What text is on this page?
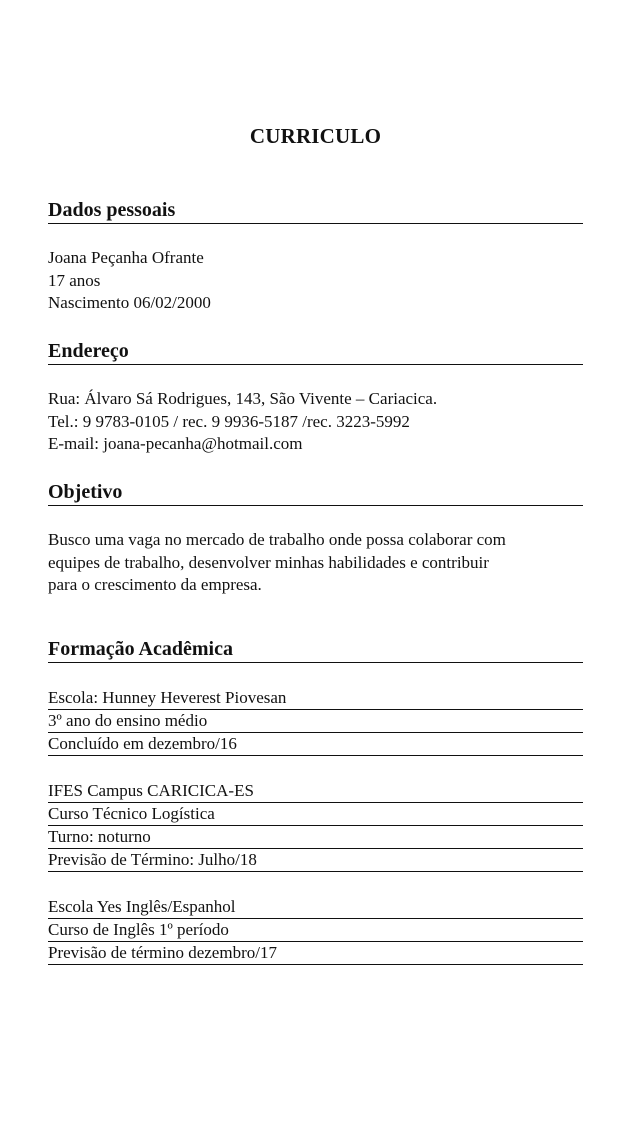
CURRICULO
Dados pessoais
Joana Peçanha Ofrante
17 anos
Nascimento 06/02/2000
Endereço
Rua: Álvaro Sá Rodrigues, 143, São Vivente – Cariacica.
Tel.: 9 9783-0105 / rec. 9 9936-5187 /rec. 3223-5992
E-mail: joana-pecanha@hotmail.com
Objetivo
Busco uma vaga no mercado de trabalho onde possa colaborar com
equipes de trabalho, desenvolver minhas habilidades e contribuir
para o crescimento da empresa.
Formação Acadêmica
Escola: Hunney Heverest Piovesan
3º ano do ensino médio
Concluído em dezembro/16
IFES Campus CARICICA-ES
Curso Técnico Logística
Turno: noturno
Previsão de Término: Julho/18
Escola Yes Inglês/Espanhol
Curso de Inglês 1º período
Previsão de término dezembro/17
